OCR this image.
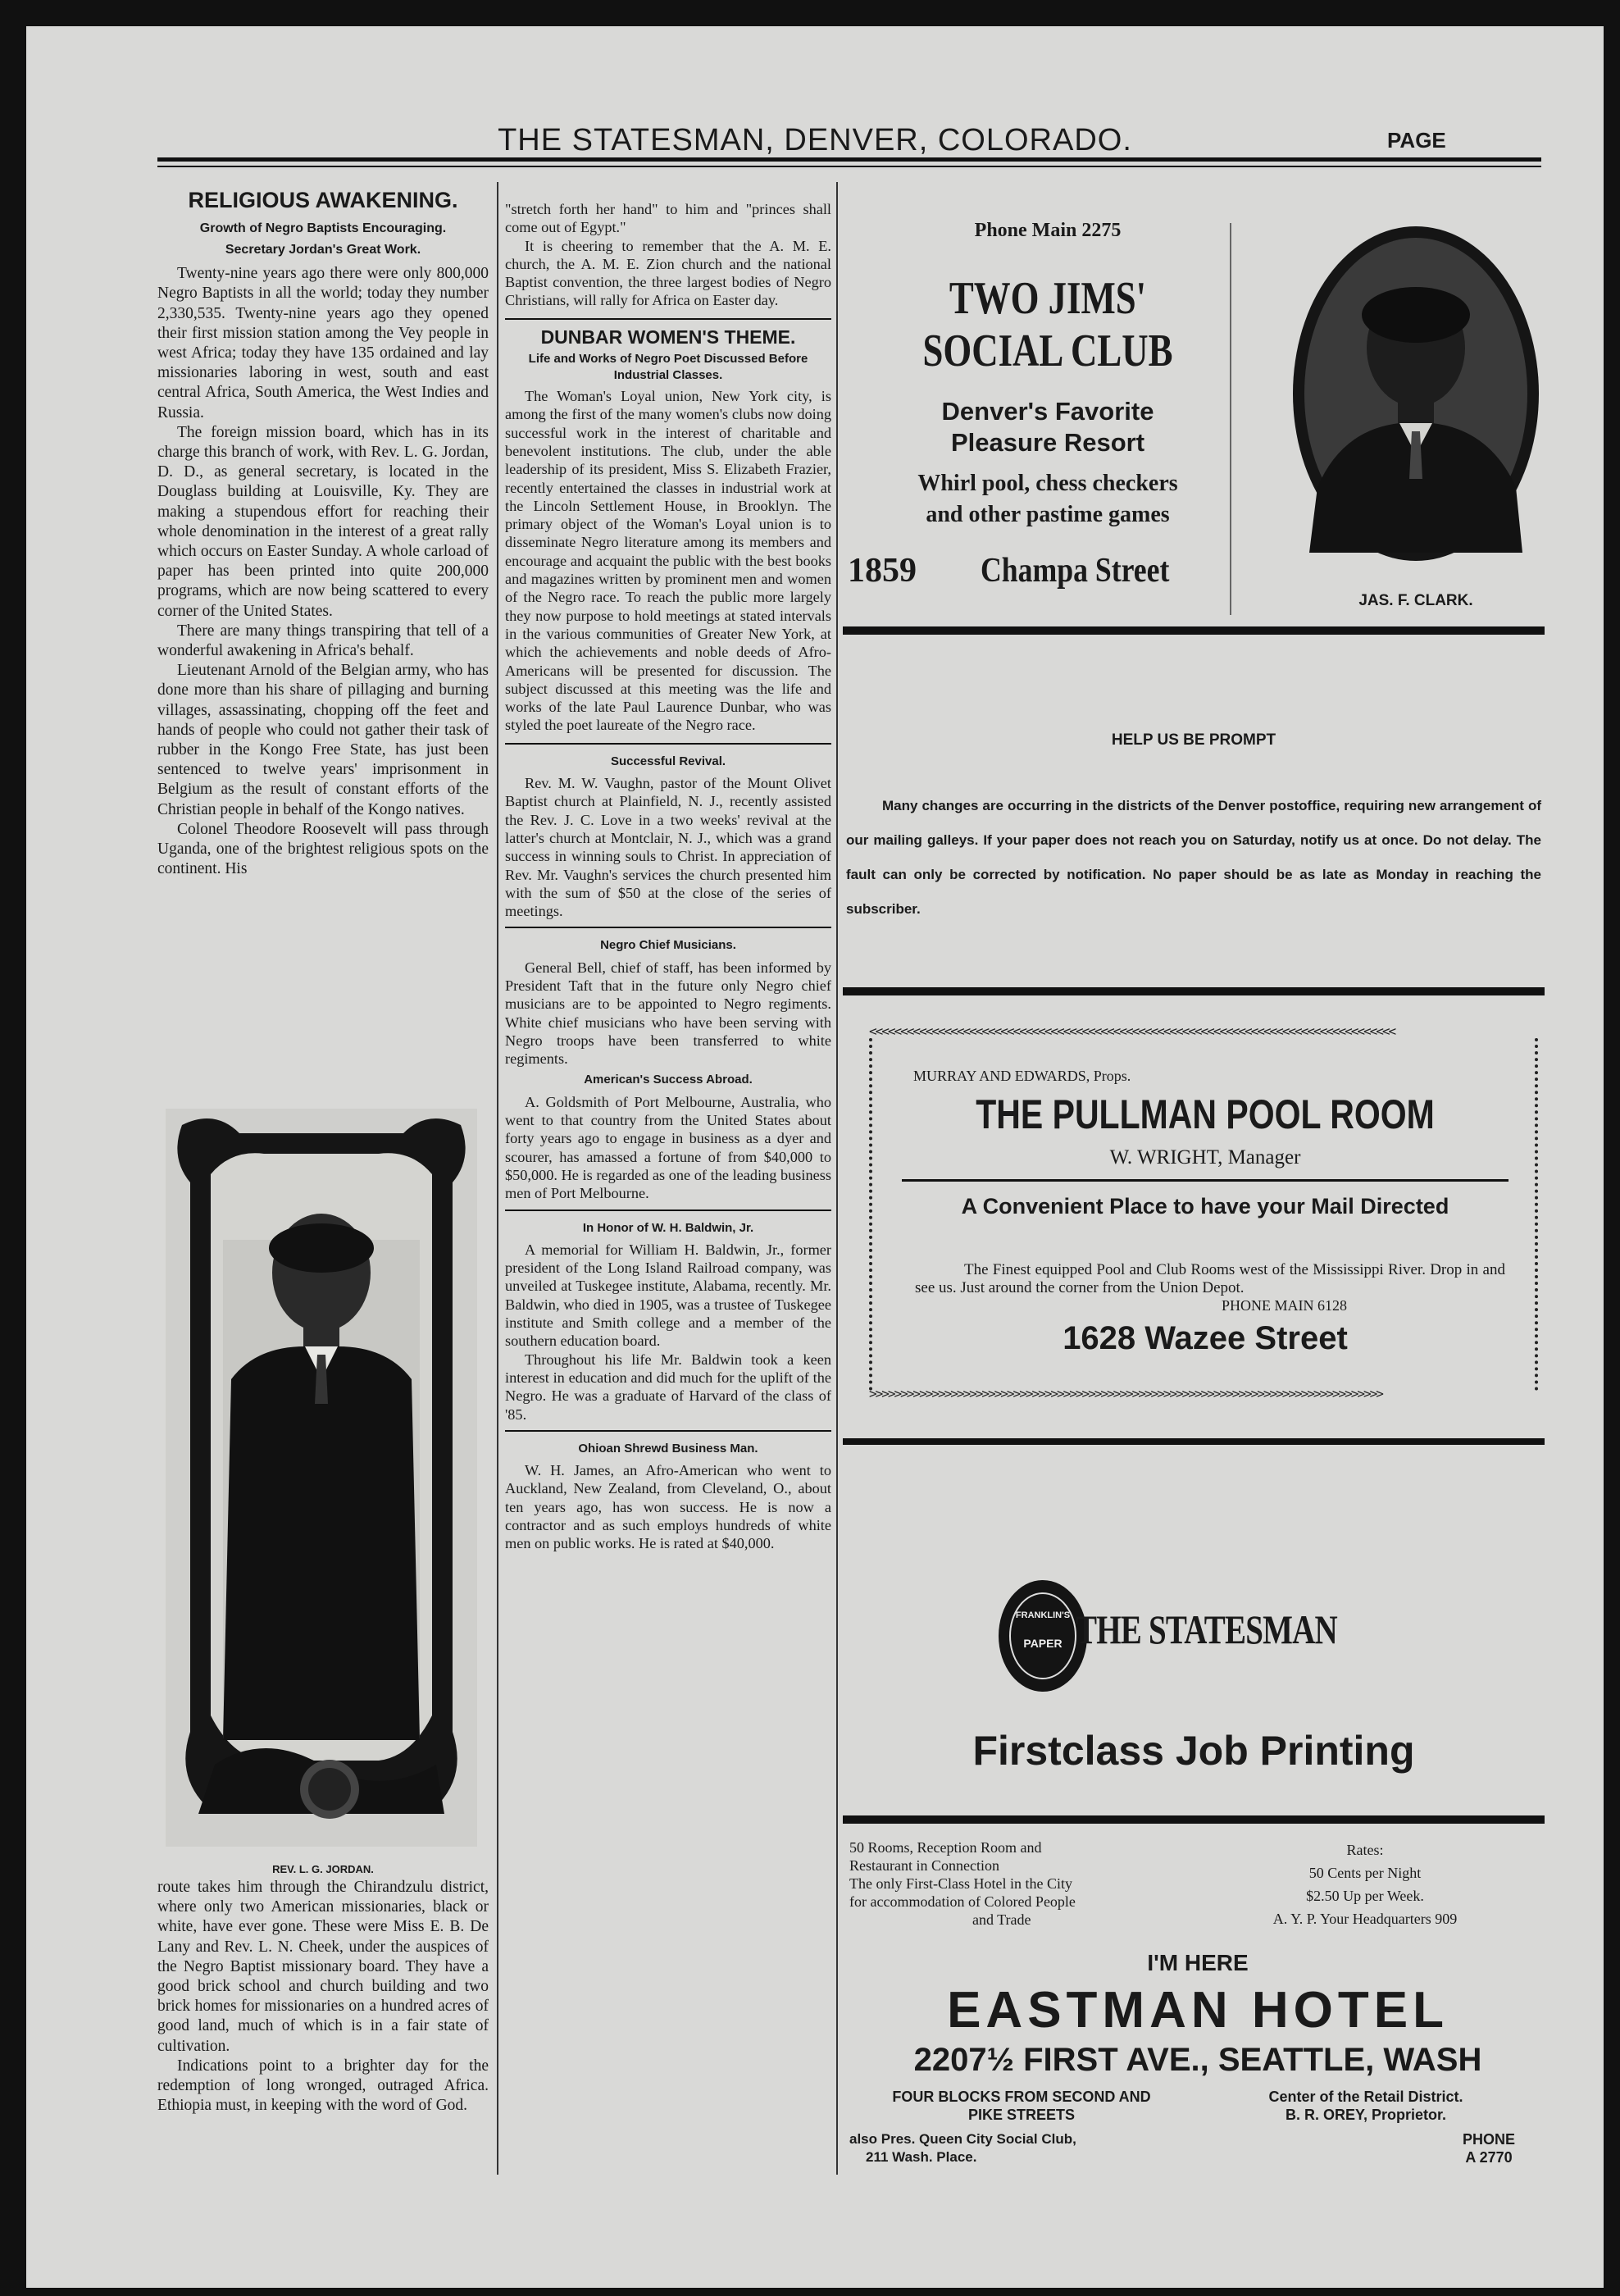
THE STATESMAN, DENVER, COLORADO.	PAGE
RELIGIOUS AWAKENING.
Growth of Negro Baptists Encouraging.
Secretary Jordan's Great Work.

Twenty-nine years ago there were only 800,000 Negro Baptists in all the world; today they number 2,330,535. Twenty-nine years ago they opened their first mission station among the Vey people in west Africa; today they have 135 ordained and lay missionaries laboring in west, south and east central Africa, South America, the West Indies and Russia.

The foreign mission board, which has in its charge this branch of work, with Rev. L. G. Jordan, D. D., as general secretary, is located in the Douglass building at Louisville, Ky. They are making a stupendous effort for reaching their whole denomination in the interest of a great rally which occurs on Easter Sunday. A whole carload of paper has been printed into quite 200,000 programs, which are now being scattered to every corner of the United States.

There are many things transpiring that tell of a wonderful awakening in Africa's behalf.

Lieutenant Arnold of the Belgian army, who has done more than his share of pillaging and burning villages, assassinating, chopping off the feet and hands of people who could not gather their task of rubber in the Kongo Free State, has just been sentenced to twelve years' imprisonment in Belgium as the result of constant efforts of the Christian people in behalf of the Kongo natives.

Colonel Theodore Roosevelt will pass through Uganda, one of the brightest religious spots on the continent. His

REV. L. G. JORDAN.

route takes him through the Chirandzulu district, where only two American missionaries, black or white, have ever gone. These were Miss E. B. De Lany and Rev. L. N. Cheek, under the auspices of the Negro Baptist missionary board. They have a good brick school and church building and two brick homes for missionaries on a hundred acres of good land, much of which is in a fair state of cultivation.

Indications point to a brighter day for the redemption of long wronged, outraged Africa. Ethiopia must, in keeping with the word of God.

"stretch forth her hand" to him and "princes shall come out of Egypt."

It is cheering to remember that the A. M. E. church, the A. M. E. Zion church and the national Baptist convention, the three largest bodies of Negro Christians, will rally for Africa on Easter day.

DUNBAR WOMEN'S THEME.
Life and Works of Negro Poet Discussed Before Industrial Classes.

The Woman's Loyal union, New York city, is among the first of the many women's clubs now doing successful work in the interest of charitable and benevolent institutions. The club, under the able leadership of its president, Miss S. Elizabeth Frazier, recently entertained the classes in industrial work at the Lincoln Settlement House, in Brooklyn. The primary object of the Woman's Loyal union is to disseminate Negro literature among its members and encourage and acquaint the public with the best books and magazines written by prominent men and women of the Negro race. To reach the public more largely they now purpose to hold meetings at stated intervals in the various communities of Greater New York, at which the achievements and noble deeds of Afro-Americans will be presented for discussion. The subject discussed at this meeting was the life and works of the late Paul Laurence Dunbar, who was styled the poet laureate of the Negro race.

Successful Revival.

Rev. M. W. Vaughn, pastor of the Mount Olivet Baptist church at Plainfield, N. J., recently assisted the Rev. J. C. Love in a two weeks' revival at the latter's church at Montclair, N. J., which was a grand success in winning souls to Christ. In appreciation of Rev. Mr. Vaughn's services the church presented him with the sum of $50 at the close of the series of meetings.

Negro Chief Musicians.

General Bell, chief of staff, has been informed by President Taft that in the future only Negro chief musicians are to be appointed to Negro regiments. White chief musicians who have been serving with Negro troops have been transferred to white regiments.

American's Success Abroad.

A. Goldsmith of Port Melbourne, Australia, who went to that country from the United States about forty years ago to engage in business as a dyer and scourer, has amassed a fortune of from $40,000 to $50,000. He is regarded as one of the leading business men of Port Melbourne.

In Honor of W. H. Baldwin, Jr.

A memorial for William H. Baldwin, Jr., former president of the Long Island Railroad company, was unveiled at Tuskegee institute, Alabama, recently. Mr. Baldwin, who died in 1905, was a trustee of Tuskegee institute and Smith college and a member of the southern education board.

Throughout his life Mr. Baldwin took a keen interest in education and did much for the uplift of the Negro. He was a graduate of Harvard of the class of '85.

Ohioan Shrewd Business Man.

W. H. James, an Afro-American who went to Auckland, New Zealand, from Cleveland, O., about ten years ago, has won success. He is now a contractor and as such employs hundreds of white men on public works. He is rated at $40,000.

Phone Main 2275
TWO JIMS'
SOCIAL CLUB
Denver's Favorite
Pleasure Resort
Whirl pool, chess checkers
and other pastime games
1859 Champa Street
JAS. F. CLARK.
HELP US BE PROMPT
Many changes are occurring in the districts of the Denver postoffice, requiring new arrangement of our mailing galleys. If your paper does not reach you on Saturday, notify us at once. Do not delay. The fault can only be corrected by notification. No paper should be as late as Monday in reaching the subscriber.
<<<<<<<<<<<<<<<<<<<<<<<<<<<<<<<<<<<<<<<<<<<<<<<<<<<<<<<<<<<<<<<<<<<<<<<<<<<<<<<<<<<<
MURRAY AND EDWARDS, Props.
THE PULLMAN POOL ROOM
W. WRIGHT, Manager
A Convenient Place to have your Mail Directed
The Finest equipped Pool and Club Rooms west of the Mississippi River. Drop in and see us. Just around the corner from the Union Depot.
PHONE MAIN 6128
1628 Wazee Street
>>>>>>>>>>>>>>>>>>>>>>>>>>>>>>>>>>>>>>>>>>>>>>>>>>>>>>>>>>>>>>>>>>>>>>>>>>>>>>>>>>
FRANKLIN'S
PAPER THE STATESMAN
Firstclass Job Printing
50 Rooms, Reception Room and
Restaurant in Connection
The only First-Class Hotel in the City
for accommodation of Colored People
and Trade
Rates:
50 Cents per Night
$2.50 Up per Week.
A. Y. P. Your Headquarters 909
I'M HERE
EASTMAN HOTEL
2207½ FIRST AVE., SEATTLE, WASH
FOUR BLOCKS FROM SECOND AND
PIKE STREETS
Center of the Retail District.
B. R. OREY, Proprietor.
also Pres. Queen City Social Club,
211 Wash. Place.
PHONE
A 2770
